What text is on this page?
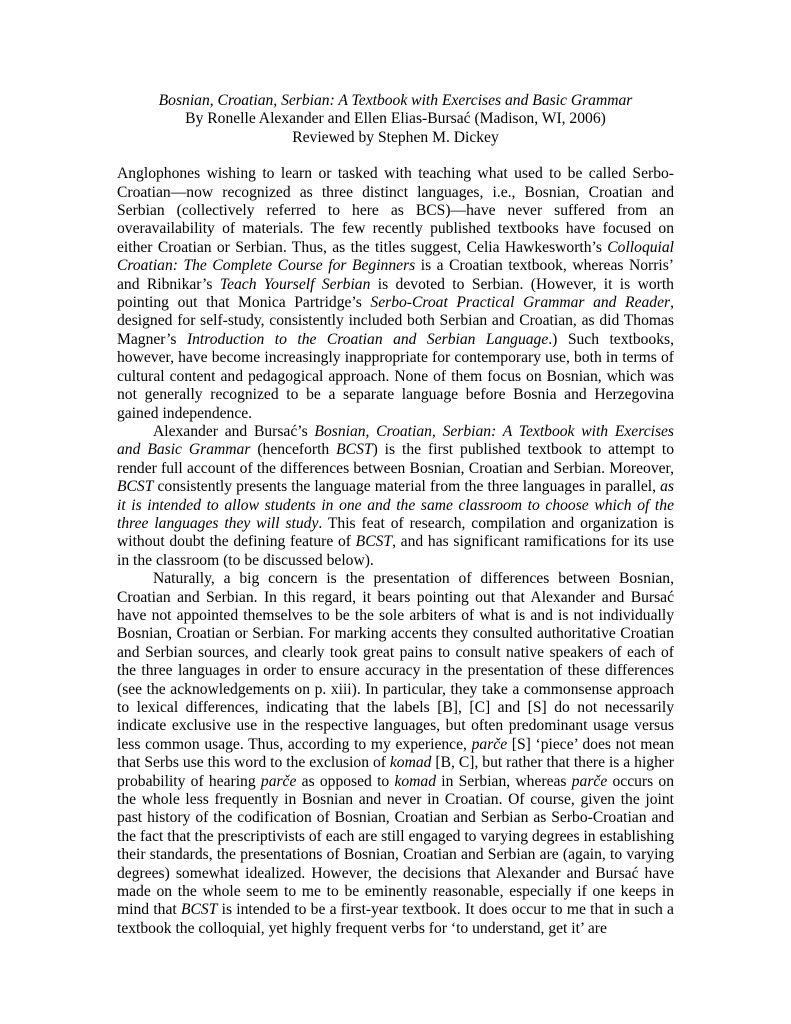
Bosnian, Croatian, Serbian: A Textbook with Exercises and Basic Grammar
By Ronelle Alexander and Ellen Elias-Bursać (Madison, WI, 2006)
Reviewed by Stephen M. Dickey

Anglophones wishing to learn or tasked with teaching what used to be called Serbo-Croatian—now recognized as three distinct languages, i.e., Bosnian, Croatian and Serbian (collectively referred to here as BCS)—have never suffered from an overavailability of materials. The few recently published textbooks have focused on either Croatian or Serbian. Thus, as the titles suggest, Celia Hawkesworth’s Colloquial Croatian: The Complete Course for Beginners is a Croatian textbook, whereas Norris’ and Ribnikar’s Teach Yourself Serbian is devoted to Serbian. (However, it is worth pointing out that Monica Partridge’s Serbo-Croat Practical Grammar and Reader, designed for self-study, consistently included both Serbian and Croatian, as did Thomas Magner’s Introduction to the Croatian and Serbian Language.) Such textbooks, however, have become increasingly inappropriate for contemporary use, both in terms of cultural content and pedagogical approach. None of them focus on Bosnian, which was not generally recognized to be a separate language before Bosnia and Herzegovina gained independence.

Alexander and Bursać’s Bosnian, Croatian, Serbian: A Textbook with Exercises and Basic Grammar (henceforth BCST) is the first published textbook to attempt to render full account of the differences between Bosnian, Croatian and Serbian. Moreover, BCST consistently presents the language material from the three languages in parallel, as it is intended to allow students in one and the same classroom to choose which of the three languages they will study. This feat of research, compilation and organization is without doubt the defining feature of BCST, and has significant ramifications for its use in the classroom (to be discussed below).

Naturally, a big concern is the presentation of differences between Bosnian, Croatian and Serbian. In this regard, it bears pointing out that Alexander and Bursać have not appointed themselves to be the sole arbiters of what is and is not individually Bosnian, Croatian or Serbian. For marking accents they consulted authoritative Croatian and Serbian sources, and clearly took great pains to consult native speakers of each of the three languages in order to ensure accuracy in the presentation of these differences (see the acknowledgements on p. xiii). In particular, they take a commonsense approach to lexical differences, indicating that the labels [B], [C] and [S] do not necessarily indicate exclusive use in the respective languages, but often predominant usage versus less common usage. Thus, according to my experience, parče [S] ‘piece’ does not mean that Serbs use this word to the exclusion of komad [B, C], but rather that there is a higher probability of hearing parče as opposed to komad in Serbian, whereas parče occurs on the whole less frequently in Bosnian and never in Croatian. Of course, given the joint past history of the codification of Bosnian, Croatian and Serbian as Serbo-Croatian and the fact that the prescriptivists of each are still engaged to varying degrees in establishing their standards, the presentations of Bosnian, Croatian and Serbian are (again, to varying degrees) somewhat idealized. However, the decisions that Alexander and Bursać have made on the whole seem to me to be eminently reasonable, especially if one keeps in mind that BCST is intended to be a first-year textbook. It does occur to me that in such a textbook the colloquial, yet highly frequent verbs for ‘to understand, get it’ are
